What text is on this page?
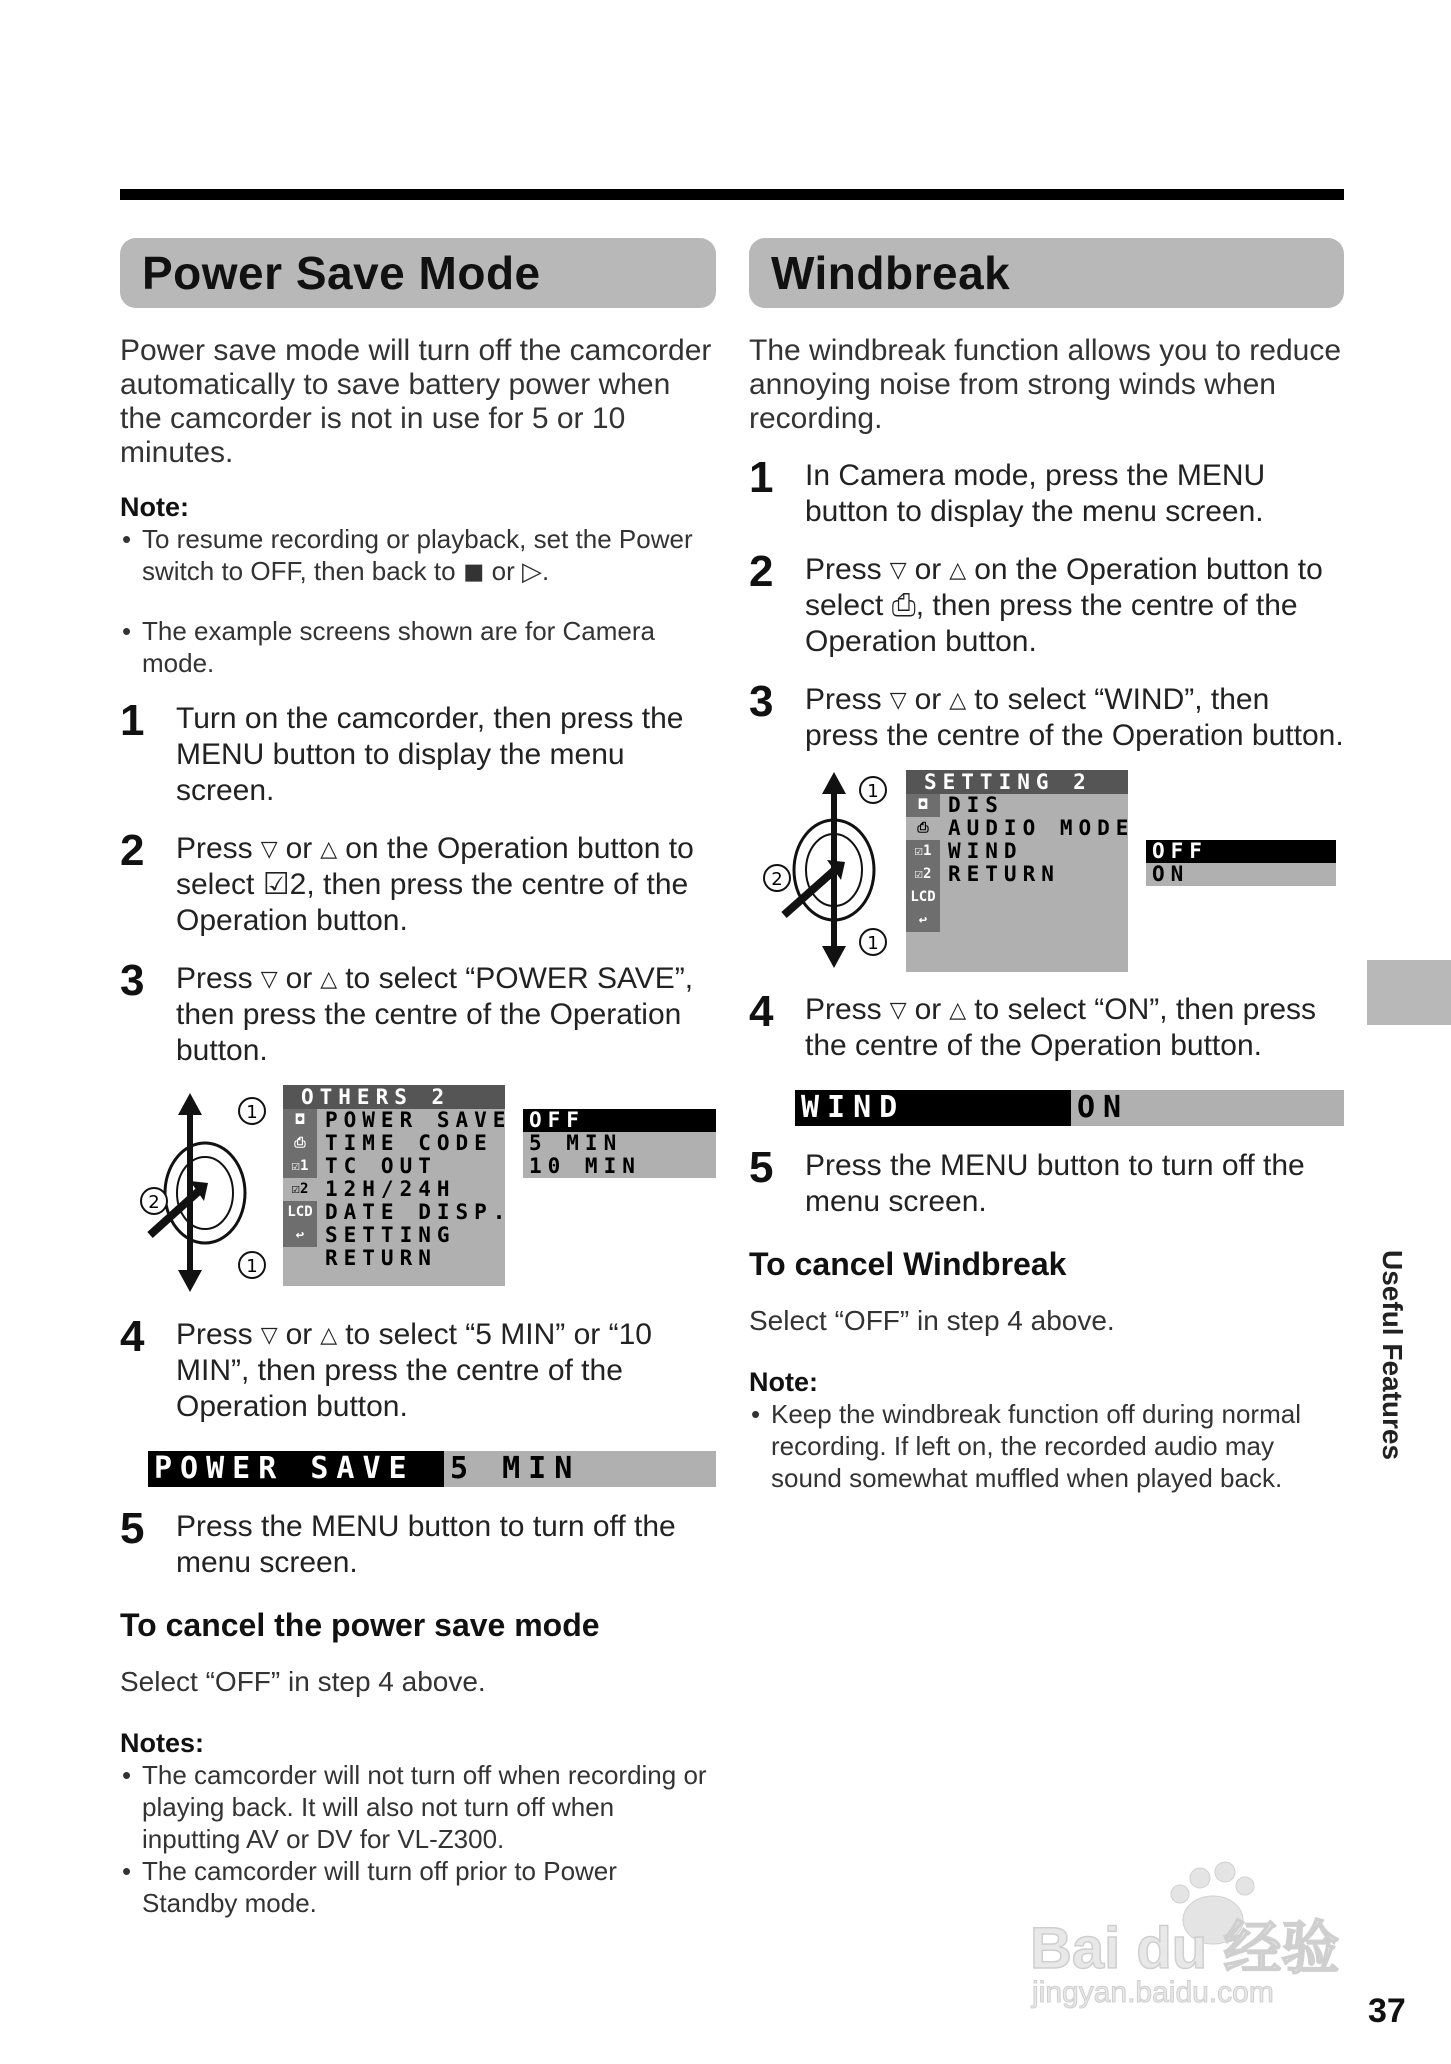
Power Save Mode
Power save mode will turn off the camcorder automatically to save battery power when the camcorder is not in use for 5 or 10 minutes.
Note:
• To resume recording or playback, set the Power switch to OFF, then back to ◼ or ▷.
• The example screens shown are for Camera mode.
1	Turn on the camcorder, then press the MENU button to display the menu screen.
2	Press ▽ or △ on the Operation button to select ☑2, then press the centre of the Operation button.
3	Press ▽ or △ to select “POWER SAVE”, then press the centre of the Operation button.
1
2
1
OTHERS 2
◘ POWER SAVE
⎙ TIME CODE
☑1 TC OUT
☑2 12H/24H
LCD DATE DISP.
↩ SETTING
RETURN
OFF
5 MIN
10 MIN
4	Press ▽ or △ to select “5 MIN” or “10 MIN”, then press the centre of the Operation button.
POWER SAVE	5 MIN
5	Press the MENU button to turn off the menu screen.
To cancel the power save mode
Select “OFF” in step 4 above.
Notes:
• The camcorder will not turn off when recording or playing back. It will also not turn off when inputting AV or DV for VL-Z300.
• The camcorder will turn off prior to Power Standby mode.
Windbreak
The windbreak function allows you to reduce annoying noise from strong winds when recording.
1	In Camera mode, press the MENU button to display the menu screen.
2	Press ▽ or △ on the Operation button to select ⎙, then press the centre of the Operation button.
3	Press ▽ or △ to select “WIND”, then press the centre of the Operation button.
1
2
1
SETTING 2
◘ DIS
⎙ AUDIO MODE
☑1 WIND
☑2 RETURN
LCD
↩
OFF
ON
4	Press ▽ or △ to select “ON”, then press the centre of the Operation button.
WIND	ON
5	Press the MENU button to turn off the menu screen.
To cancel Windbreak
Select “OFF” in step 4 above.
Note:
• Keep the windbreak function off during normal recording. If left on, the recorded audio may sound somewhat muffled when played back.
Useful Features
Bai du 经验
jingyan.baidu.com	37
